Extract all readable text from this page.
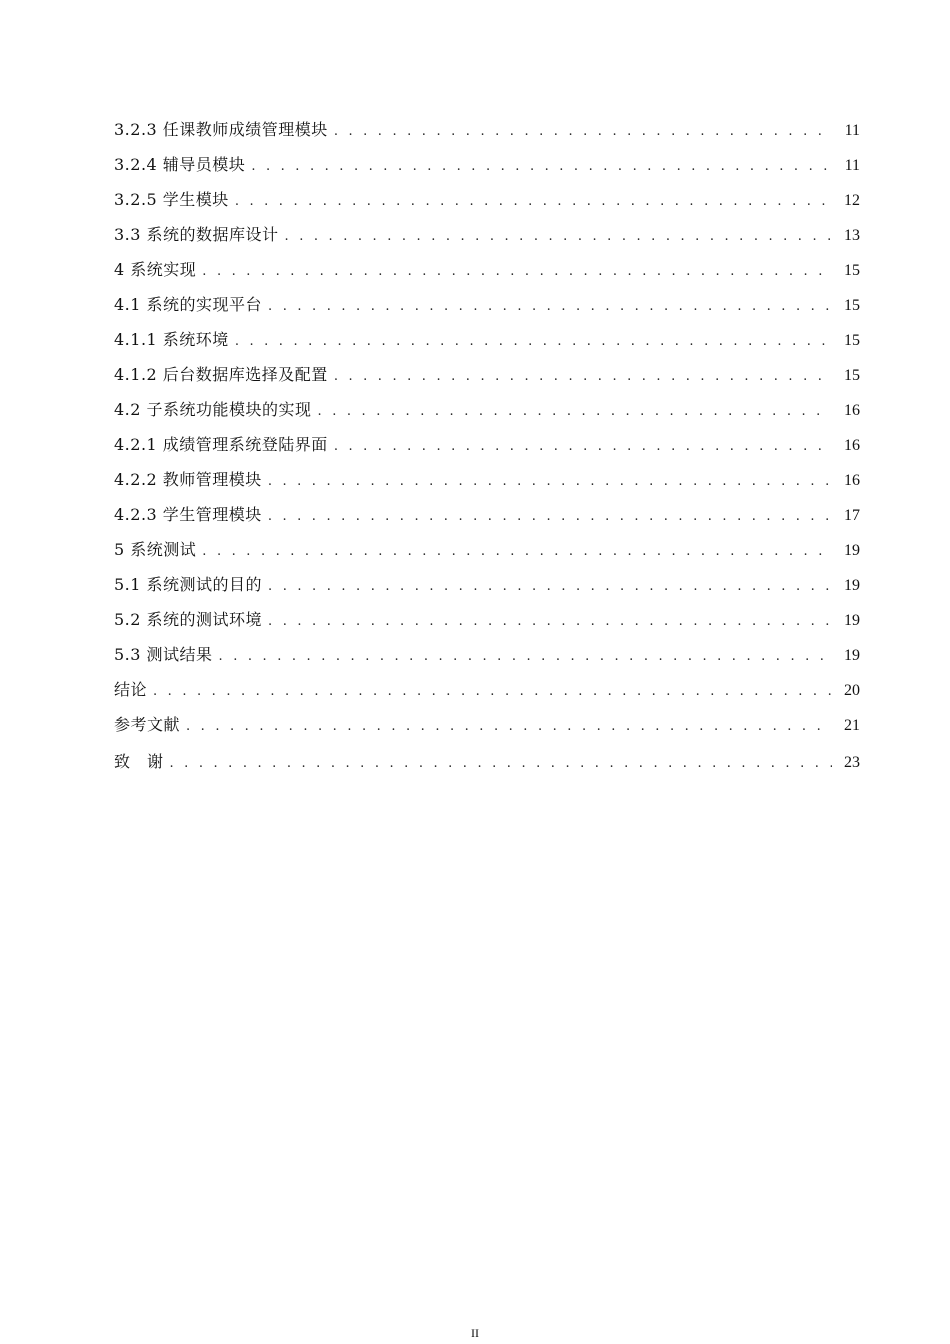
3.2.3 任课教师成绩管理模块 . . .	11
3.2.4 辅导员模块 . . .	11
3.2.5 学生模块 . . .	12
3.3 系统的数据库设计 . . .	13
4 系统实现 . . .	15
4.1 系统的实现平台 . . .	15
4.1.1 系统环境 . . .	15
4.1.2 后台数据库选择及配置 . . .	15
4.2 子系统功能模块的实现 . . .	16
4.2.1 成绩管理系统登陆界面 . . .	16
4.2.2 教师管理模块 . . .	16
4.2.3 学生管理模块 . . .	17
5 系统测试 . . .	19
5.1 系统测试的目的 . . .	19
5.2 系统的测试环境 . . .	19
5.3 测试结果 . . .	19
结论 . . .	20
参考文献 . . .	21
致　谢 . . .	23
II
